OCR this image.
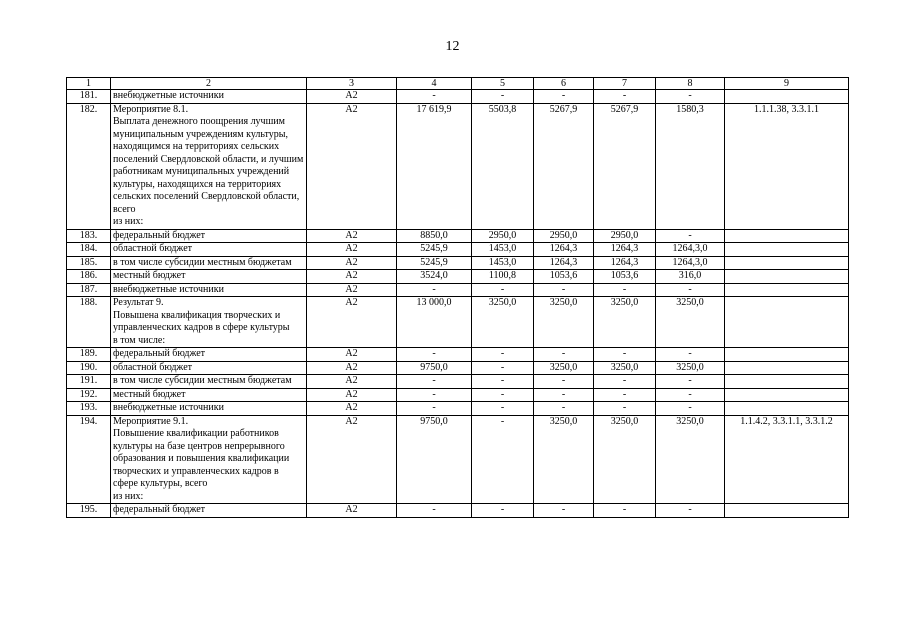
12
1	2	3	4	5	6	7	8	9
181.	внебюджетные источники	А2	-	-	-	-	-	
182.	Мероприятие 8.1.
Выплата денежного поощрения лучшим муниципальным учреждениям культуры, находящимся на территориях сельских поселений Свердловской области, и лучшим работникам муниципальных учреждений культуры, находящихся на территориях сельских поселений Свердловской области, всего
из них:	А2	17 619,9	5503,8	5267,9	5267,9	1580,3	1.1.1.38, 3.3.1.1
183.	федеральный бюджет	А2	8850,0	2950,0	2950,0	2950,0	-	
184.	областной бюджет	А2	5245,9	1453,0	1264,3	1264,3	1264,3,0	
185.	в том числе субсидии местным бюджетам	А2	5245,9	1453,0	1264,3	1264,3	1264,3,0	
186.	местный бюджет	А2	3524,0	1100,8	1053,6	1053,6	316,0	
187.	внебюджетные источники	А2	-	-	-	-	-	
188.	Результат 9.
Повышена квалификация творческих и управленческих кадров в сфере культуры
в том числе:	А2	13 000,0	3250,0	3250,0	3250,0	3250,0	
189.	федеральный бюджет	А2	-	-	-	-	-	
190.	областной бюджет	А2	9750,0	-	3250,0	3250,0	3250,0	
191.	в том числе субсидии местным бюджетам	А2	-	-	-	-	-	
192.	местный бюджет	А2	-	-	-	-	-	
193.	внебюджетные источники	А2	-	-	-	-	-	
194.	Мероприятие 9.1.
Повышение квалификации работников культуры на базе центров непрерывного образования и повышения квалификации творческих и управленческих кадров в сфере культуры, всего
из них:	А2	9750,0	-	3250,0	3250,0	3250,0	1.1.4.2, 3.3.1.1, 3.3.1.2
195.	федеральный бюджет	А2	-	-	-	-	-	
